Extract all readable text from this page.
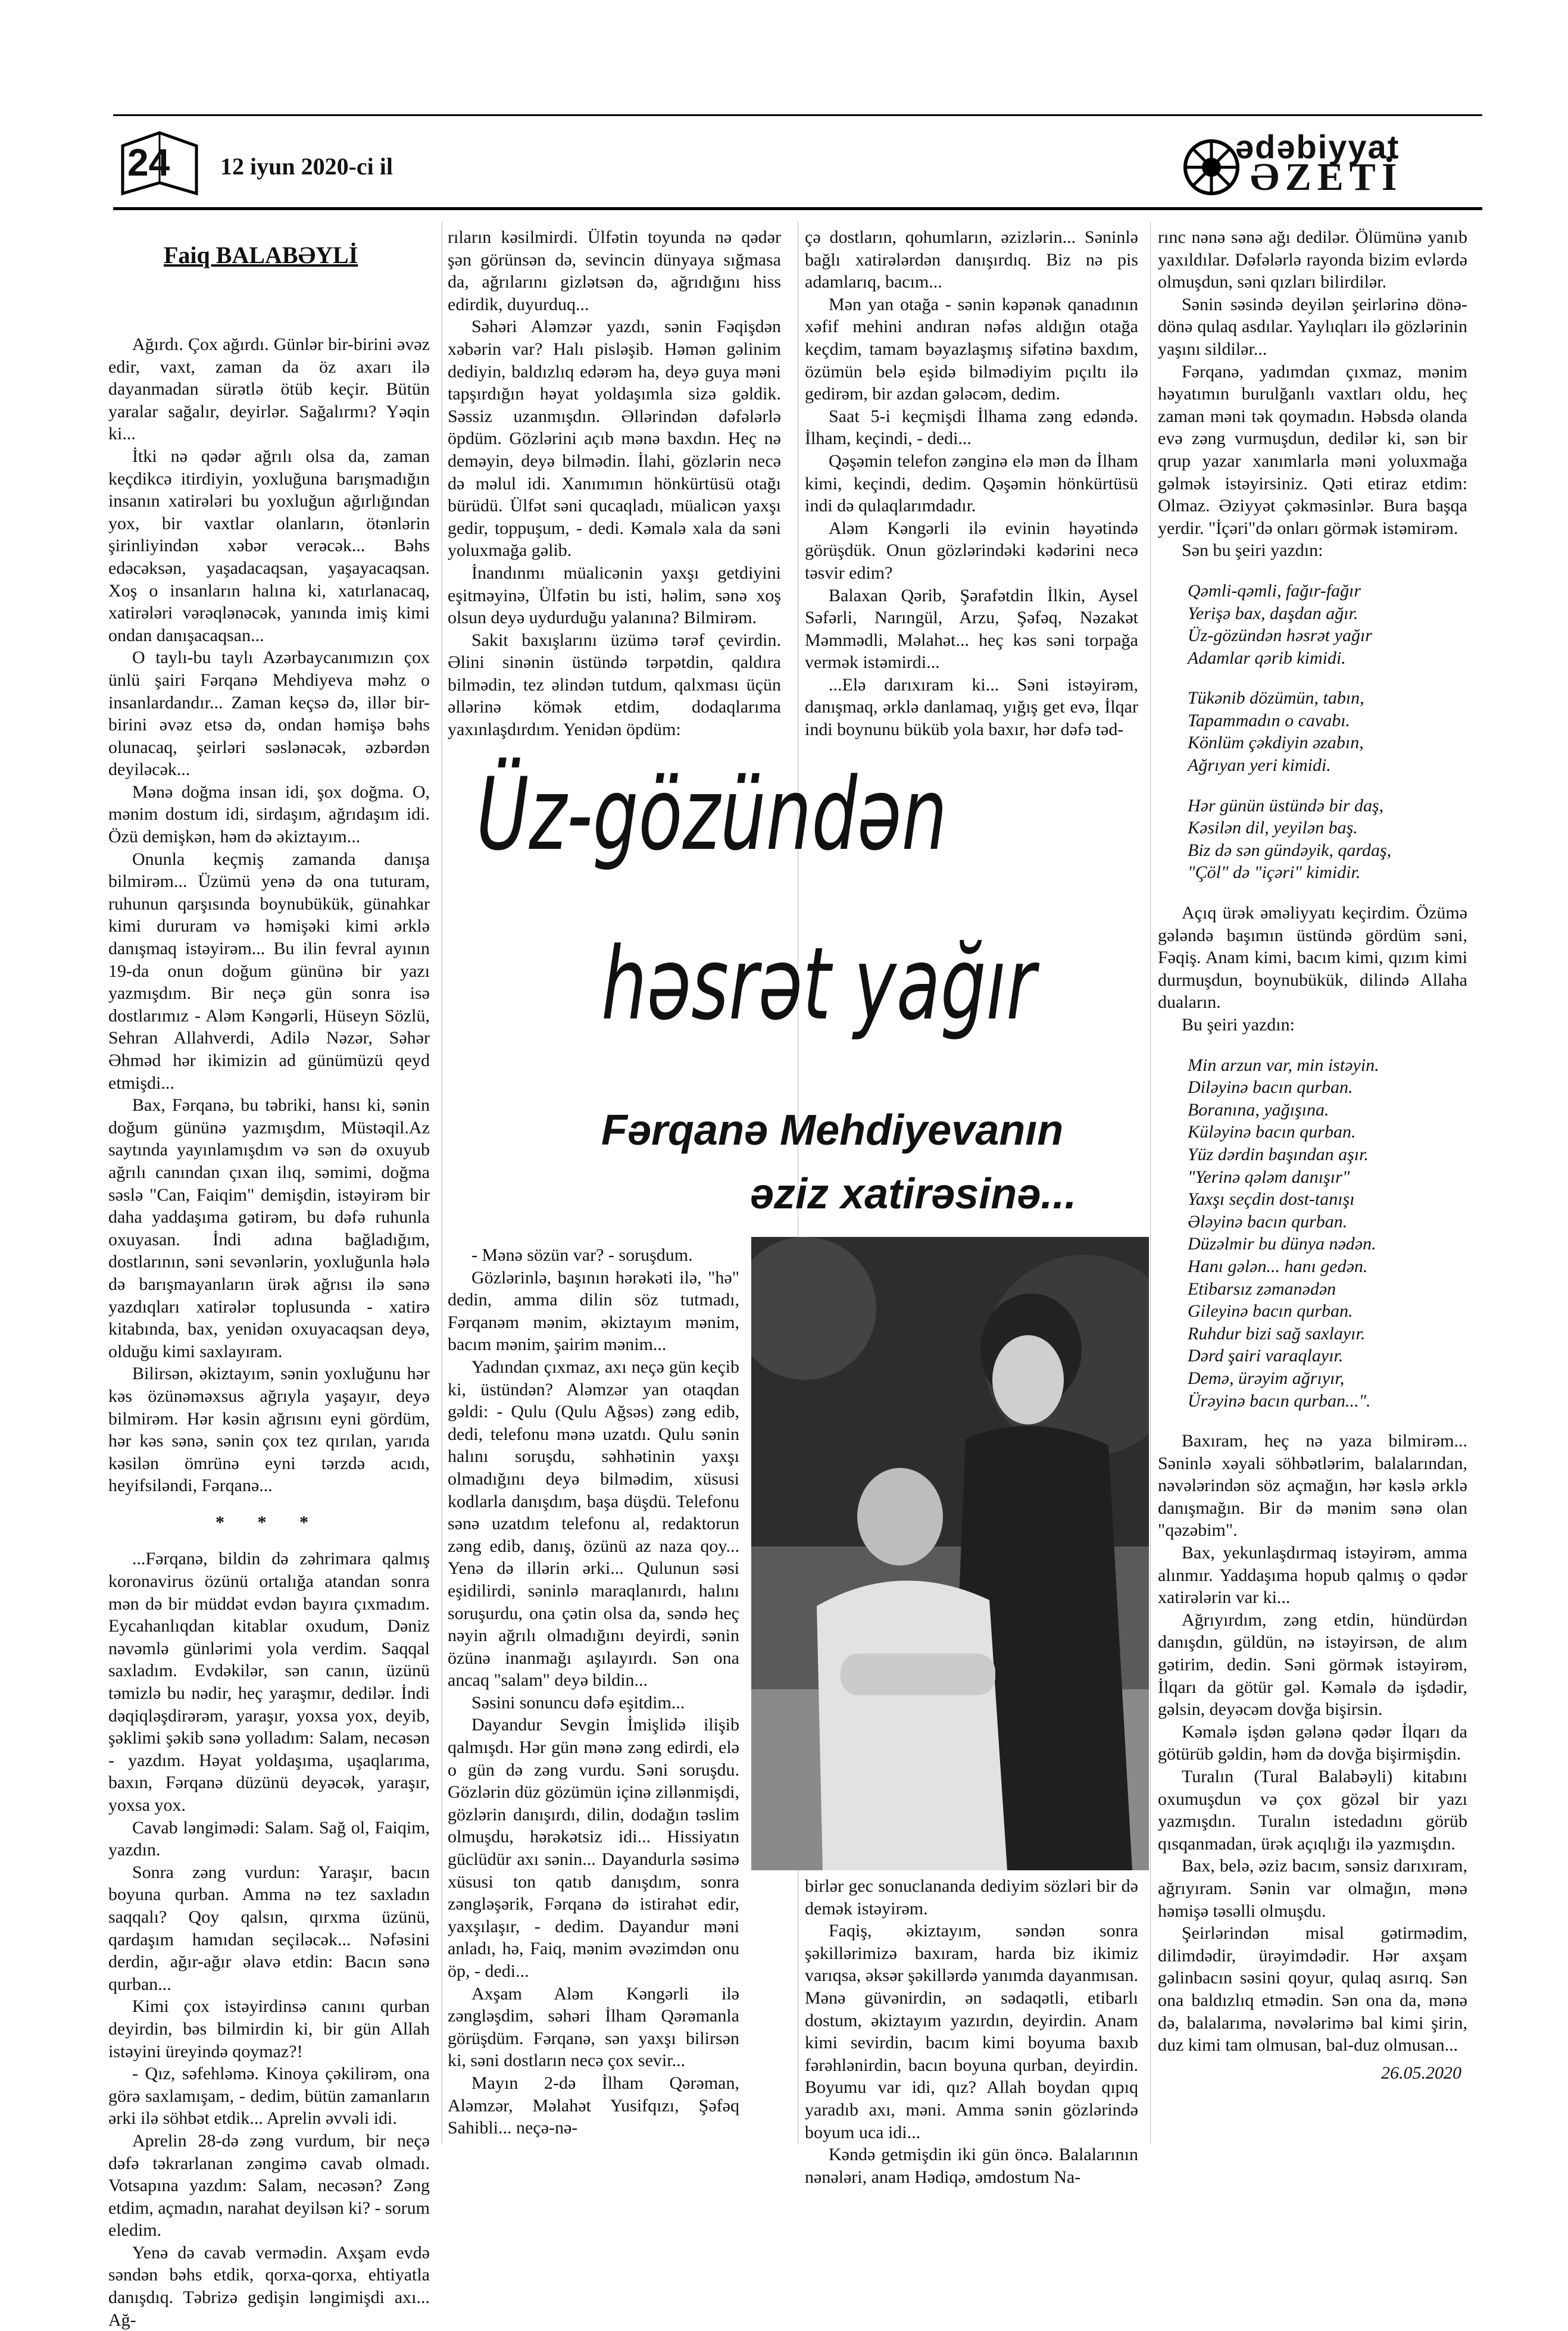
24 12 iyun 2020-ci il
ədəbiyyat
ƏZETİ
Faiq BALABƏYLİ

Ağırdı. Çox ağırdı. Günlər bir-birini əvəz edir, vaxt, zaman da öz axarı ilə dayanmadan sürətlə ötüb keçir. Bütün yaralar sağalır, deyirlər. Sağalırmı? Yəqin ki...

İtki nə qədər ağrılı olsa da, zaman keçdikcə itirdiyin, yoxluğuna barışmadığın insanın xatirələri bu yoxluğun ağırlığından yox, bir vaxtlar olanların, ötənlərin şirinliyindən xəbər verəcək... Bəhs edəcəksən, yaşadacaqsan, yaşayacaqsan. Xoş o insanların halına ki, xatırlanacaq, xatirələri vərəqlənəcək, yanında imiş kimi ondan danışacaqsan...

O taylı-bu taylı Azərbaycanımızın çox ünlü şairi Fərqanə Mehdiyeva məhz o insanlardandır... Zaman keçsə də, illər bir-birini əvəz etsə də, ondan həmişə bəhs olunacaq, şeirləri səslənəcək, əzbərdən deyiləcək...

Mənə doğma insan idi, şox doğma. O, mənim dostum idi, sirdaşım, ağrıdaşım idi. Özü demişkən, həm də əkiztayım...

Onunla keçmiş zamanda danışa bilmirəm... Üzümü yenə də ona tuturam, ruhunun qarşısında boynubükük, günahkar kimi dururam və həmişəki kimi ərklə danışmaq istəyirəm... Bu ilin fevral ayının 19-da onun doğum gününə bir yazı yazmışdım. Bir neçə gün sonra isə dostlarımız - Aləm Kəngərli, Hüseyn Sözlü, Sehran Allahverdi, Adilə Nəzər, Səhər Əhməd hər ikimizin ad günümüzü qeyd etmişdi...

Bax, Fərqanə, bu təbriki, hansı ki, sənin doğum gününə yazmışdım, Müstəqil.Az saytında yayınlamışdım və sən də oxuyub ağrılı canından çıxan ilıq, səmimi, doğma səslə "Can, Faiqim" demişdin, istəyirəm bir daha yaddaşıma gətirəm, bu dəfə ruhunla oxuyasan. İndi adına bağladığım, dostlarının, səni sevənlərin, yoxluğunla hələ də barışmayanların ürək ağrısı ilə sənə yazdıqları xatirələr toplusunda - xatirə kitabında, bax, yenidən oxuyacaqsan deyə, olduğu kimi saxlayıram.

Bilirsən, əkiztayım, sənin yoxluğunu hər kəs özünəməxsus ağrıyla yaşayır, deyə bilmirəm. Hər kəsin ağrısını eyni gördüm, hər kəs sənə, sənin çox tez qırılan, yarıda kəsilən ömrünə eyni tərzdə acıdı, heyifsiləndi, Fərqanə...

* * *

...Fərqanə, bildin də zəhrimara qalmış koronavirus özünü ortalığa atandan sonra mən də bir müddət evdən bayıra çıxmadım. Eycahanlıqdan kitablar oxudum, Dəniz nəvəmlə günlərimi yola verdim. Saqqal saxladım. Evdəkilər, sən canın, üzünü təmizlə bu nədir, heç yaraşmır, dedilər. İndi dəqiqləşdirərəm, yaraşır, yoxsa yox, deyib, şəklimi şəkib sənə yolladım: Salam, necəsən - yazdım. Həyat yoldaşıma, uşaqlarıma, baxın, Fərqanə düzünü deyəcək, yaraşır, yoxsa yox.

Cavab ləngimədi: Salam. Sağ ol, Faiqim, yazdın.

Sonra zəng vurdun: Yaraşır, bacın boyuna qurban. Amma nə tez saxladın saqqalı? Qoy qalsın, qırxma üzünü, qardaşım hamıdan seçiləcək... Nəfəsini derdin, ağır-ağır əlavə etdin: Bacın sənə qurban...

Kimi çox istəyirdinsə canını qurban deyirdin, bəs bilmirdin ki, bir gün Allah istəyini üreyində qoymaz?!

- Qız, səfehləmə. Kinoya çəkilirəm, ona görə saxlamışam, - dedim, bütün zamanların ərki ilə söhbət etdik... Aprelin əvvəli idi.

Aprelin 28-də zəng vurdum, bir neçə dəfə təkrarlanan zəngimə cavab olmadı. Votsapına yazdım: Salam, necəsən? Zəng etdim, açmadın, narahat deyilsən ki? - sorum eledim.

Yenə də cavab vermədin. Axşam evdə səndən bəhs etdik, qorxa-qorxa, ehtiyatla danışdıq. Təbrizə gedişin ləngimişdi axı... Ağ-

rıların kəsilmirdi. Ülfətin toyunda nə qədər şən görünsən də, sevincin dünyaya sığmasa da, ağrılarını gizlətsən də, ağrıdığını hiss edirdik, duyurduq...

Səhəri Aləmzər yazdı, sənin Fəqişdən xəbərin var? Halı pisləşib. Həmən gəlinim dediyin, baldızlıq edərəm ha, deyə guya məni tapşırdığın həyat yoldaşımla sizə gəldik. Səssiz uzanmışdın. Əllərindən dəfələrlə öpdüm. Gözlərini açıb mənə baxdın. Heç nə deməyin, deyə bilmədin. İlahi, gözlərin necə də məlul idi. Xanımımın hönkürtüsü otağı bürüdü. Ülfət səni qucaqladı, müalicən yaxşı gedir, toppuşum, - dedi. Kəmalə xala da səni yoluxmağa gəlib.

İnandınmı müalicənin yaxşı getdiyini eşitməyinə, Ülfətin bu isti, həlim, sənə xoş olsun deyə uydurduğu yalanına? Bilmirəm.

Sakit baxışlarını üzümə tərəf çevirdin. Əlini sinənin üstündə tərpətdin, qaldıra bilmədin, tez əlindən tutdum, qalxması üçün əllərinə kömək etdim, dodaqlarıma yaxınlaşdırdım. Yenidən öpdüm:

çə dostların, qohumların, əzizlərin... Səninlə bağlı xatirələrdən danışırdıq. Biz nə pis adamlarıq, bacım...

Mən yan otağa - sənin kəpənək qanadının xəfif mehini andıran nəfəs aldığın otağa keçdim, tamam bəyazlaşmış sifətinə baxdım, özümün belə eşidə bilmədiyim pıçıltı ilə gedirəm, bir azdan gələcəm, dedim.

Saat 5-i keçmişdi İlhama zəng edəndə. İlham, keçindi, - dedi...

Qəşəmin telefon zənginə elə mən də İlham kimi, keçindi, dedim. Qəşəmin hönkürtüsü indi də qulaqlarımdadır.

Aləm Kəngərli ilə evinin həyətində görüşdük. Onun gözlərindəki kədərini necə təsvir edim?

Balaxan Qərib, Şərafətdin İlkin, Aysel Səfərli, Narıngül, Arzu, Şəfəq, Nəzakət Məmmədli, Məlahət... heç kəs səni torpağa vermək istəmirdi...

...Elə darıxıram ki... Səni istəyirəm, danışmaq, ərklə danlamaq, yığış get evə, İlqar indi boynunu büküb yola baxır, hər dəfə təd-

Üz-gözündən
həsrət yağır
Fərqanə Mehdiyevanın
əziz xatirəsinə...

- Mənə sözün var? - soruşdum.

Gözlərinlə, başının hərəkəti ilə, "hə" dedin, amma dilin söz tutmadı, Fərqanəm mənim, əkiztayım mənim, bacım mənim, şairim mənim...

Yadından çıxmaz, axı neçə gün keçib ki, üstündən? Aləmzər yan otaqdan gəldi: - Qulu (Qulu Ağsəs) zəng edib, dedi, telefonu mənə uzatdı. Qulu sənin halını soruşdu, səhhətinin yaxşı olmadığını deyə bilmədim, xüsusi kodlarla danışdım, başa düşdü. Telefonu sənə uzatdım telefonu al, redaktorun zəng edib, danış, özünü az naza qoy... Yenə də illərin ərki... Qulunun səsi eşidilirdi, səninlə maraqlanırdı, halını soruşurdu, ona çətin olsa da, səndə heç nəyin ağrılı olmadığını deyirdi, sənin özünə inanmağı aşılayırdı. Sən ona ancaq "salam" deyə bildin...

Səsini sonuncu dəfə eşitdim...

Dayandur Sevgin İmişlidə ilişib qalmışdı. Hər gün mənə zəng edirdi, elə o gün də zəng vurdu. Səni soruşdu. Gözlərin düz gözümün içinə zillənmişdi, gözlərin danışırdı, dilin, dodağın təslim olmuşdu, hərəkətsiz idi... Hissiyatın güclüdür axı sənin... Dayandurla səsimə xüsusi ton qatıb danışdım, sonra zəngləşərik, Fərqanə də istirahət edir, yaxşılaşır, - dedim. Dayandur məni anladı, hə, Faiq, mənim əvəzimdən onu öp, - dedi...

Axşam Aləm Kəngərli ilə zəngləşdim, səhəri İlham Qərəmanla görüşdüm. Fərqanə, sən yaxşı bilirsən ki, səni dostların necə çox sevir...

Mayın 2-də İlham Qərəman, Aləmzər, Məlahət Yusifqızı, Şəfəq Sahibli... neçə-nə-

birlər gec sonuclananda dediyim sözləri bir də demək istəyirəm.

Faqiş, əkiztayım, səndən sonra şəkillərimizə baxıram, harda biz ikimiz varıqsa, əksər şəkillərdə yanımda dayanmısan. Mənə güvənirdin, ən sədaqətli, etibarlı dostum, əkiztayım yazırdın, deyirdin. Anam kimi sevirdin, bacım kimi boyuma baxıb fərəhlənirdin, bacın boyuna qurban, deyirdin. Boyumu var idi, qız? Allah boydan qıpıq yaradıb axı, məni. Amma sənin gözlərində boyum uca idi...

Kəndə getmişdin iki gün öncə. Balalarının nənələri, anam Hədiqə, əmdostum Na-

rınc nənə sənə ağı dedilər. Ölümünə yanıb yaxıldılar. Dəfələrlə rayonda bizim evlərdə olmuşdun, səni qızları bilirdilər.

Sənin səsində deyilən şeirlərinə dönə-dönə qulaq asdılar. Yaylıqları ilə gözlərinin yaşını sildilər...

Fərqanə, yadımdan çıxmaz, mənim həyatımın burulğanlı vaxtları oldu, heç zaman məni tək qoymadın. Həbsdə olanda evə zəng vurmuşdun, dedilər ki, sən bir qrup yazar xanımlarla məni yoluxmağa gəlmək istəyirsiniz. Qəti etiraz etdim: Olmaz. Əziyyət çəkməsinlər. Bura başqa yerdir. "İçəri"də onları görmək istəmirəm.

Sən bu şeiri yazdın:

Qəmli-qəmli, fağır-fağır

Yerişə bax, daşdan ağır.

Üz-gözündən həsrət yağır

Adamlar qərib kimidi.

Tükənib dözümün, tabın,

Tapammadın o cavabı.

Könlüm çəkdiyin əzabın,

Ağrıyan yeri kimidi.

Hər günün üstündə bir daş,

Kəsilən dil, yeyilən baş.

Biz də sən gündəyik, qardaş,

"Çöl" də "içəri" kimidir.

Açıq ürək əməliyyatı keçirdim. Özümə gələndə başımın üstündə gördüm səni, Fəqiş. Anam kimi, bacım kimi, qızım kimi durmuşdun, boynubükük, dilində Allaha duaların.

Bu şeiri yazdın:

Min arzun var, min istəyin.

Diləyinə bacın qurban.

Boranına, yağışına.

Küləyinə bacın qurban.

Yüz dərdin başından aşır.

"Yerinə qələm danışır"

Yaxşı seçdin dost-tanışı

Ələyinə bacın qurban.

Düzəlmir bu dünya nədən.

Hanı gələn... hanı gedən.

Etibarsız zəmanədən

Gileyinə bacın qurban.

Ruhdur bizi sağ saxlayır.

Dərd şairi varaqlayır.

Demə, ürəyim ağrıyır,

Ürəyinə bacın qurban...".

Baxıram, heç nə yaza bilmirəm... Səninlə xəyali söhbətlərim, balalarından, nəvələrindən söz açmağın, hər kəslə ərklə danışmağın. Bir də mənim sənə olan "qəzəbim".

Bax, yekunlaşdırmaq istəyirəm, amma alınmır. Yaddaşıma hopub qalmış o qədər xatirələrin var ki...

Ağrıyırdım, zəng etdin, hündürdən danışdın, güldün, nə istəyirsən, de alım gətirim, dedin. Səni görmək istəyirəm, İlqarı da götür gəl. Kəmalə də işdədir, gəlsin, deyəcəm dovğa bişirsin.

Kəmalə işdən gələnə qədər İlqarı da götürüb gəldin, həm də dovğa bişirmişdin.

Turalın (Tural Balabəyli) kitabını oxumuşdun və çox gözəl bir yazı yazmışdın. Turalın istedadını görüb qısqanmadan, ürək açıqlığı ilə yazmışdın.

Bax, belə, əziz bacım, sənsiz darıxıram, ağrıyıram. Sənin var olmağın, mənə həmişə təsəlli olmuşdu.

Şeirlərindən misal gətirmədim, dilimdədir, ürəyimdədir. Hər axşam gəlinbacın səsini qoyur, qulaq asırıq. Sən ona baldızlıq etmədin. Sən ona da, mənə də, balalarıma, nəvələrimə bal kimi şirin, duz kimi tam olmusan, bal-duz olmusan...

26.05.2020
